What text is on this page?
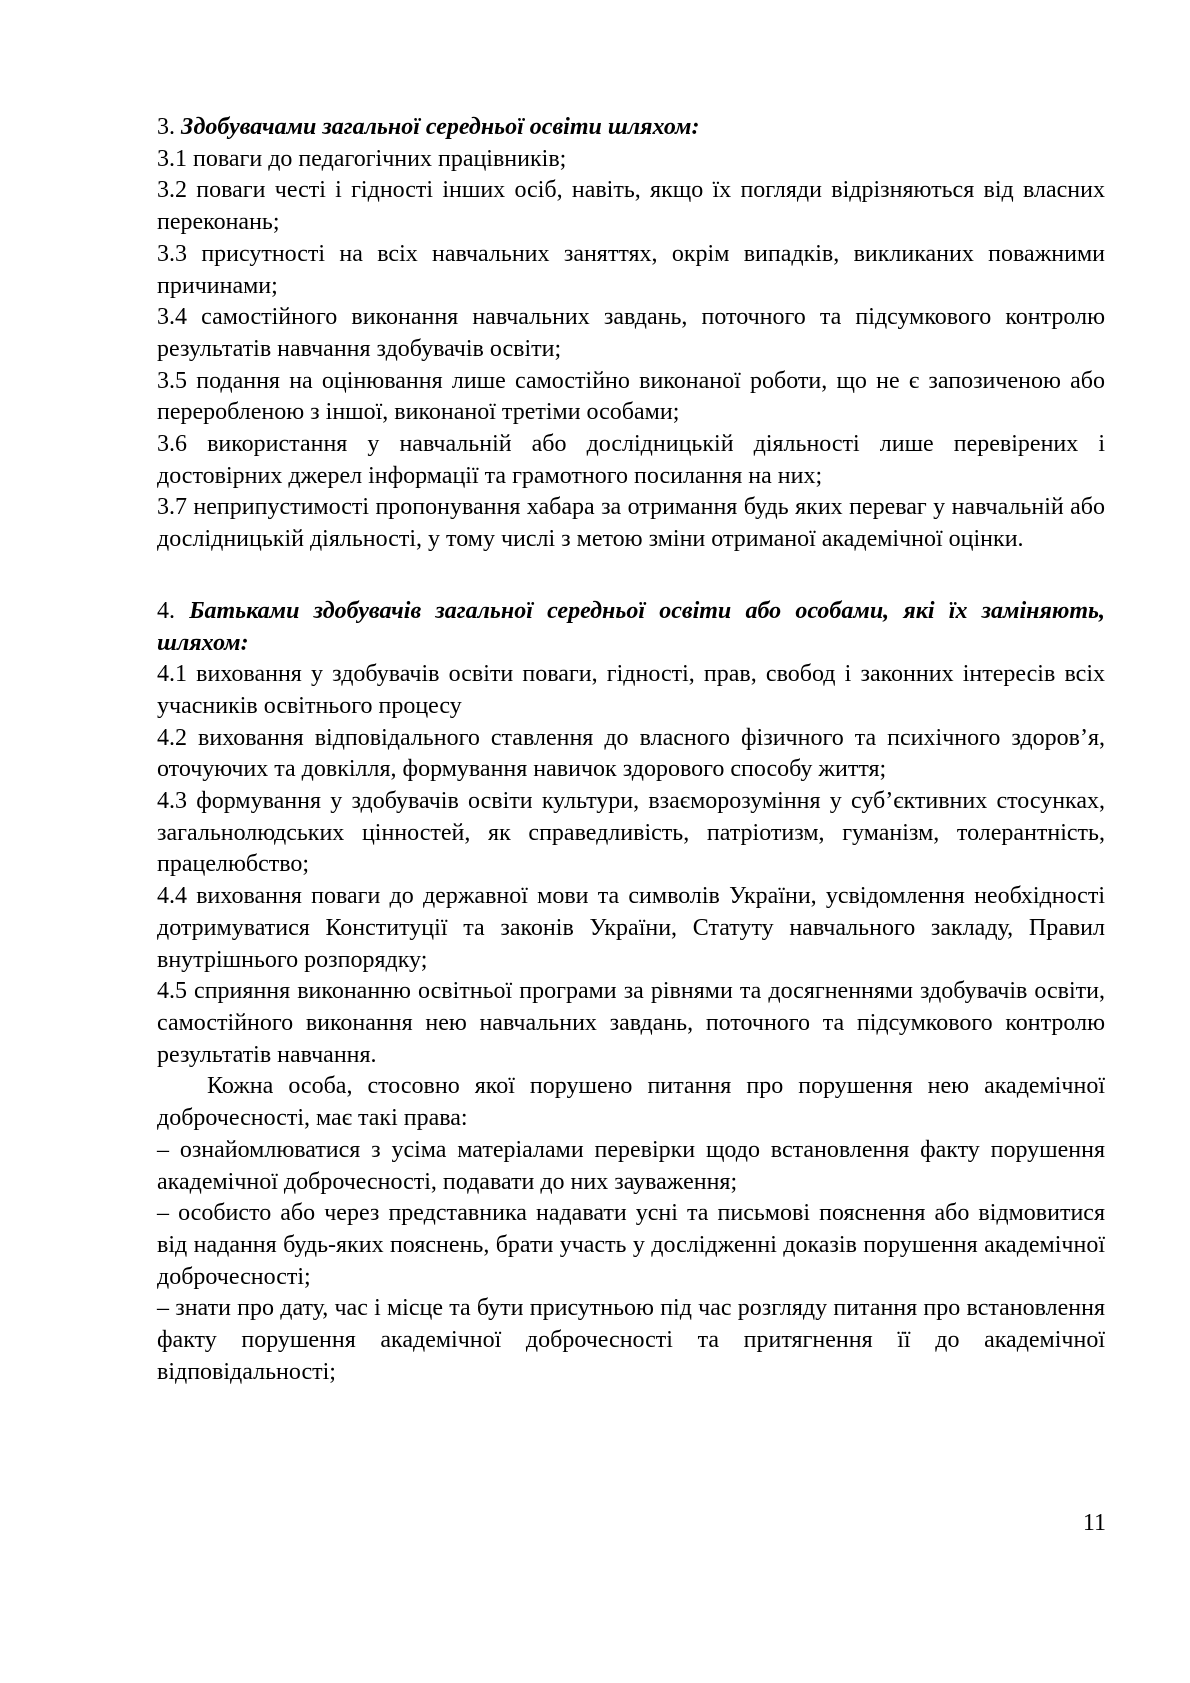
3. Здобувачами загальної середньої освіти шляхом:

3.1 поваги до педагогічних працівників;

3.2 поваги честі і гідності інших осіб, навіть, якщо їх погляди відрізняються від власних переконань;

3.3 присутності на всіх навчальних заняттях, окрім випадків, викликаних поважними причинами;

3.4 самостійного виконання навчальних завдань, поточного та підсумкового контролю результатів навчання здобувачів освіти;

3.5 подання на оцінювання лише самостійно виконаної роботи, що не є запозиченою або переробленою з іншої, виконаної третіми особами;

3.6 використання у навчальній або дослідницькій діяльності лише перевірених і достовірних джерел інформації та грамотного посилання на них;

3.7 неприпустимості пропонування хабара за отримання будь яких переваг у навчальній або дослідницькій діяльності, у тому числі з метою зміни отриманої академічної оцінки.

4. Батьками здобувачів загальної середньої освіти або особами, які їх заміняють, шляхом:

4.1 виховання у здобувачів освіти поваги, гідності, прав, свобод і законних інтересів всіх учасників освітнього процесу

4.2 виховання відповідального ставлення до власного фізичного та психічного здоров’я, оточуючих та довкілля, формування навичок здорового способу життя;

4.3 формування у здобувачів освіти культури, взаєморозуміння у суб’єктивних стосунках, загальнолюдських цінностей, як справедливість, патріотизм, гуманізм, толерантність, працелюбство;

4.4 виховання поваги до державної мови та символів України, усвідомлення необхідності дотримуватися Конституції та законів України, Статуту навчального закладу, Правил внутрішнього розпорядку;

4.5 сприяння виконанню освітньої програми за рівнями та досягненнями здобувачів освіти, самостійного виконання нею навчальних завдань, поточного та підсумкового контролю результатів навчання.

Кожна особа, стосовно якої порушено питання про порушення нею академічної доброчесності, має такі права:

– ознайомлюватися з усіма матеріалами перевірки щодо встановлення факту порушення академічної доброчесності, подавати до них зауваження;

– особисто або через представника надавати усні та письмові пояснення або відмовитися від надання будь-яких пояснень, брати участь у дослідженні доказів порушення академічної доброчесності;

– знати про дату, час і місце та бути присутньою під час розгляду питання про встановлення факту порушення академічної доброчесності та притягнення її до академічної відповідальності;

11
